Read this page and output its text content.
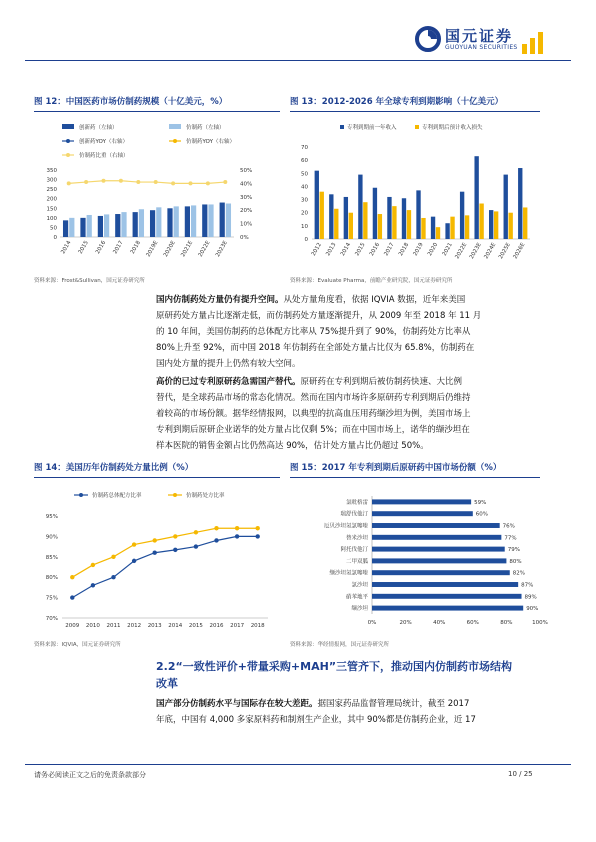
国元证券
GUOYUAN SECURITIES
图 12：中国医药市场仿制药规模（十亿美元，%）
创新药（左轴）	仿制药（左轴）
创新药YOY（右轴）	仿制药YOY（右轴）
仿制药比重（右轴）
0
50
100
150
200
250
300
350
0%
10%
20%
30%
40%
50%
2014 2015 2016 2017 2018 2019E 2020E 2021E 2022E 2023E
资料来源：Frost&Sullivan，国元证券研究所
图 13：2012-2026 年全球专利到期影响（十亿美元）
专利到期前一年收入	专利到期后预计收入损失
0
10
20
30
40
50
60
70
2012 2013 2014 2015 2016 2017 2018 2019 2020 2021 2022E 2023E 2024E 2025E 2026E
资料来源：Evaluate Pharma，前瞻产业研究院，国元证券研究所
国内仿制药处方量仍有提升空间。从处方量角度看，依据 IQVIA 数据，近年来美国
原研药处方量占比逐渐走低，而仿制药处方量逐渐提升，从 2009 年至 2018 年 11 月
的 10 年间，美国仿制药的总体配方比率从 75%提升到了 90%，仿制药处方比率从
80%上升至 92%，而中国 2018 年仿制药在全部处方量占比仅为 65.8%，仿制药在
国内处方量的提升上仍然有较大空间。
高价的已过专利原研药急需国产替代。原研药在专利到期后被仿制药快速、大比例
替代，是全球药品市场的常态化情况。然而在国内市场许多原研药专利到期后仍维持
着较高的市场份额。据华经情报网，以典型的抗高血压用药缬沙坦为例，美国市场上
专利到期后原研企业诺华的处方量占比仅剩 5%；而在中国市场上，诺华的缬沙坦在
样本医院的销售金额占比仍然高达 90%，估计处方量占比仍超过 50%。
图 14：美国历年仿制药处方量比例（%）
仿制药总体配方比率	仿制药处方比率
70%
75%
80%
85%
90%
95%
2009 2010 2011 2012 2013 2014 2015 2016 2017 2018
资料来源：IQVIA，国元证券研究所
图 15：2017 年专利到期后原研药中国市场份额（%）
氯吡格雷	59%
瑞舒伐他汀	60%
厄贝沙坦氢氯噻嗪	76%
替米沙坦	77%
阿托伐他汀	79%
二甲双胍	80%
缬沙坦氢氯噻嗪	82%
氯沙坦	87%
硝苯地平	89%
缬沙坦	90%
0%	20%	40%	60%	80%	100%
资料来源：华经情报网，国元证券研究所
2.2“一致性评价+带量采购+MAH”三管齐下，推动国内仿制药市场结构
改革
国产部分仿制药水平与国际存在较大差距。据国家药品监督管理局统计，截至 2017
年底，中国有 4,000 多家原料药和制剂生产企业，其中 90%都是仿制药企业，近 17
请务必阅读正文之后的免责条款部分	10 / 25
